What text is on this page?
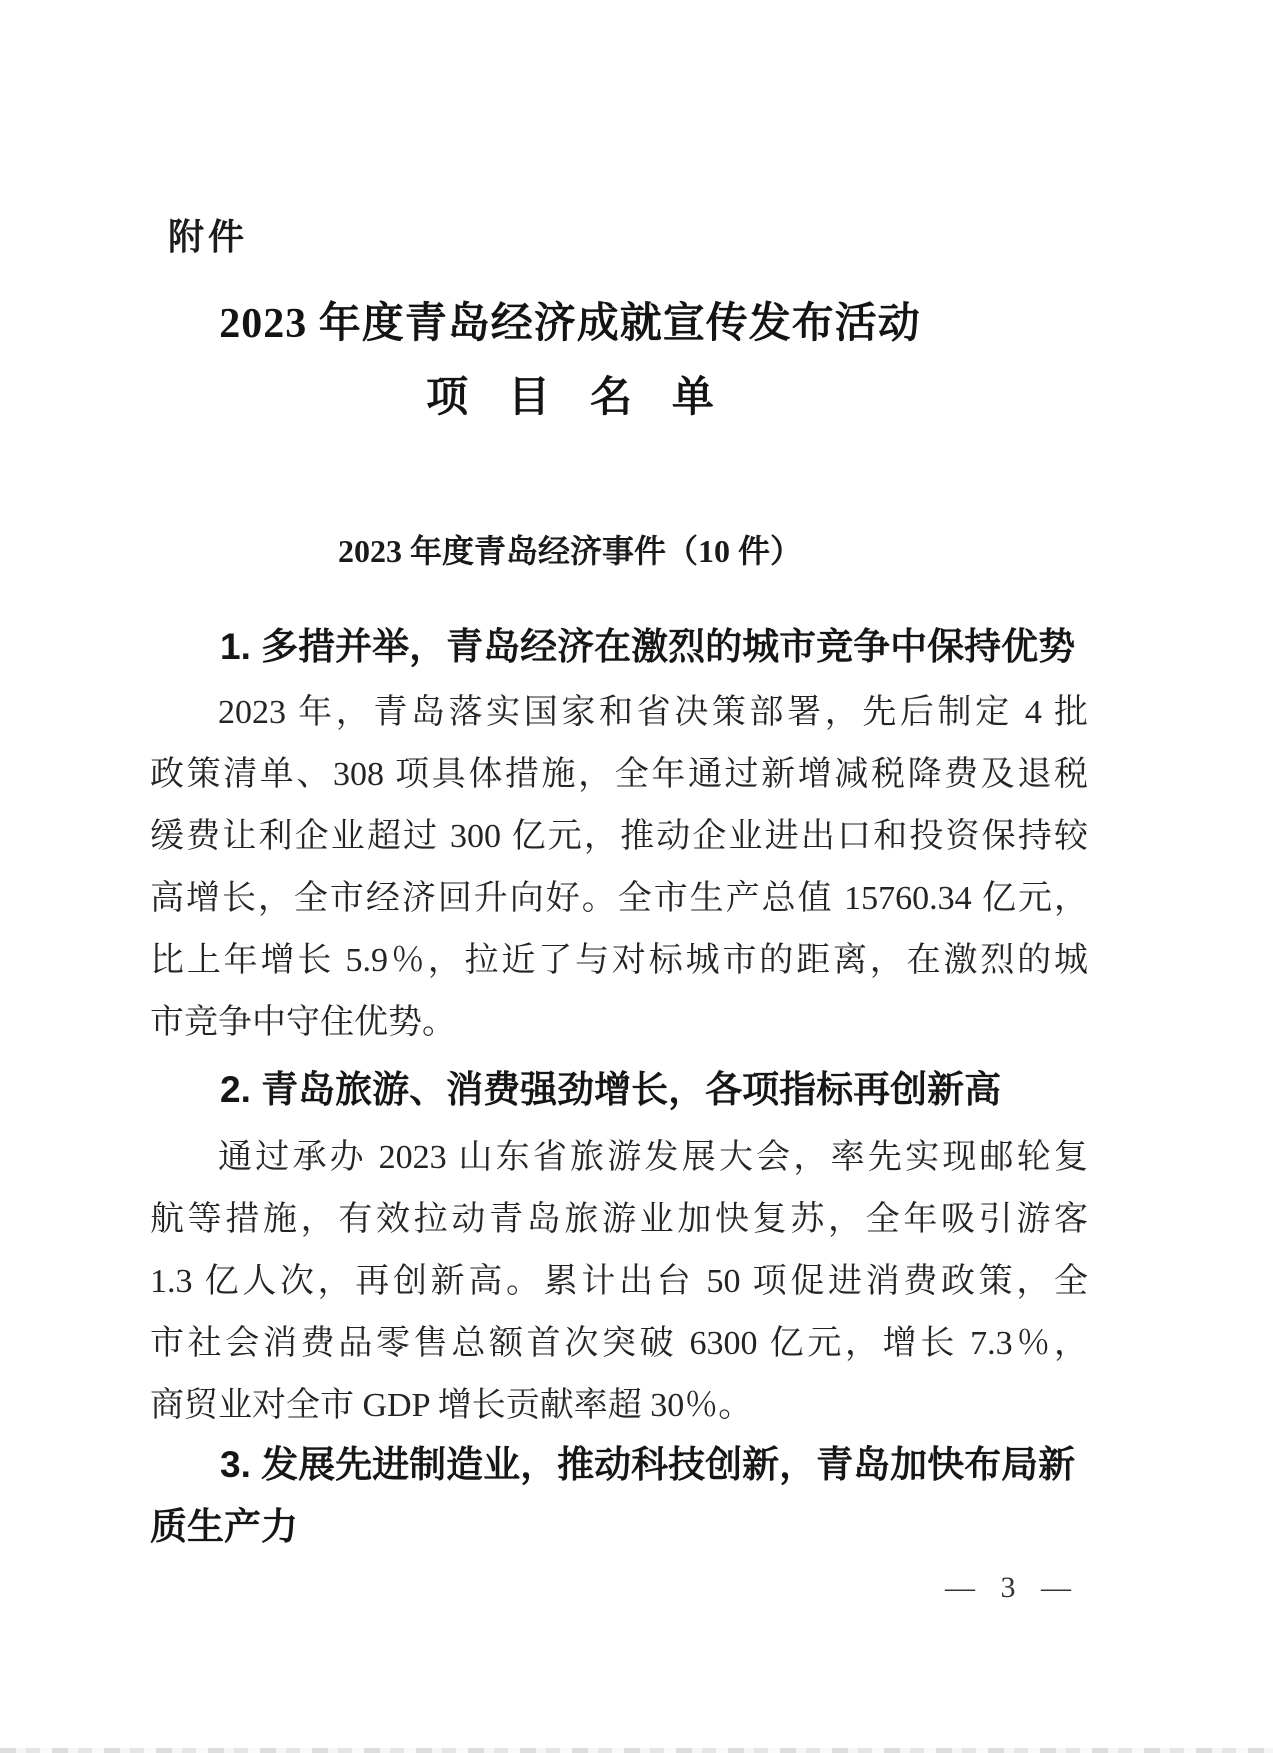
附件
2023 年度青岛经济成就宣传发布活动
项目名单
2023 年度青岛经济事件（10 件）
1. 多措并举，青岛经济在激烈的城市竞争中保持优势
2023 年，青岛落实国家和省决策部署，先后制定 4 批
政策清单、308 项具体措施，全年通过新增减税降费及退税
缓费让利企业超过 300 亿元，推动企业进出口和投资保持较
高增长，全市经济回升向好。全市生产总值 15760.34 亿元，
比上年增长 5.9％，拉近了与对标城市的距离，在激烈的城
市竞争中守住优势。
2. 青岛旅游、消费强劲增长，各项指标再创新高
通过承办 2023 山东省旅游发展大会，率先实现邮轮复
航等措施，有效拉动青岛旅游业加快复苏，全年吸引游客
1.3 亿人次，再创新高。累计出台 50 项促进消费政策，全
市社会消费品零售总额首次突破 6300 亿元，增长 7.3％，
商贸业对全市 GDP 增长贡献率超 30％。
3. 发展先进制造业，推动科技创新，青岛加快布局新
质生产力
— 3 —
